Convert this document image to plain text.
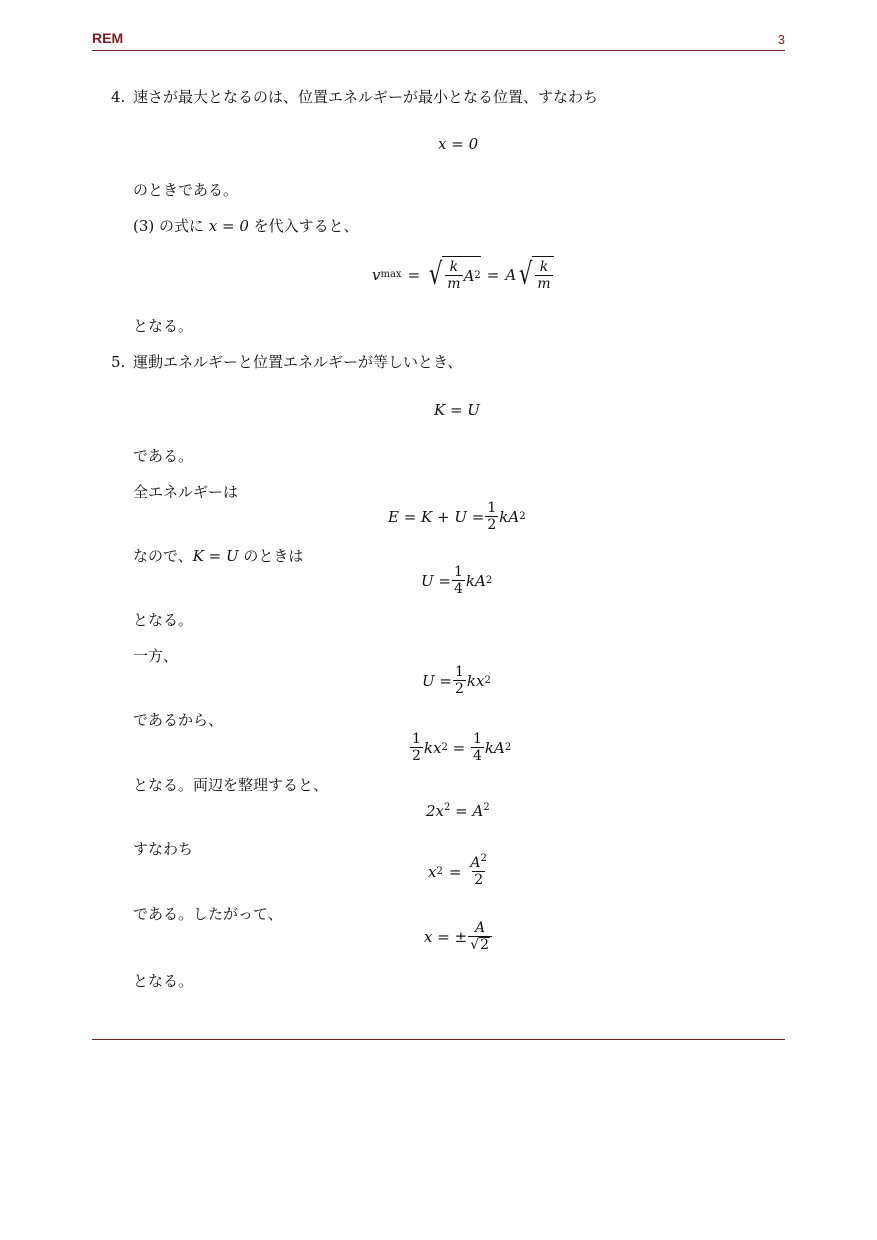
REM	3
4. 速さが最大となるのは、位置エネルギーが最小となる位置、すなわち
x = 0
のときである。
(3) の式に x = 0 を代入すると、
v max = √ $\frac{k}{m}$ A 2 = A √ $\frac{k}{m}$
となる。
5. 運動エネルギーと位置エネルギーが等しいとき、
K = U
である。
全エネルギーは
$E = K + U = \frac{1}{2}$ kA 2
なので、K = U のときは
$U = \frac{1}{4}$ kA 2
となる。
一方、
$U = \frac{1}{2}$ kx 2
であるから、
$\frac{1}{2}$ kx $2 = \frac{1}{4}$ kA 2
となる。両辺を整理すると、
$2x^2 = A^2$
すなわち
x $2 = \frac{A^2}{2}$
である。したがって、
x = ± $\frac{A}{√ 2}$
となる。
